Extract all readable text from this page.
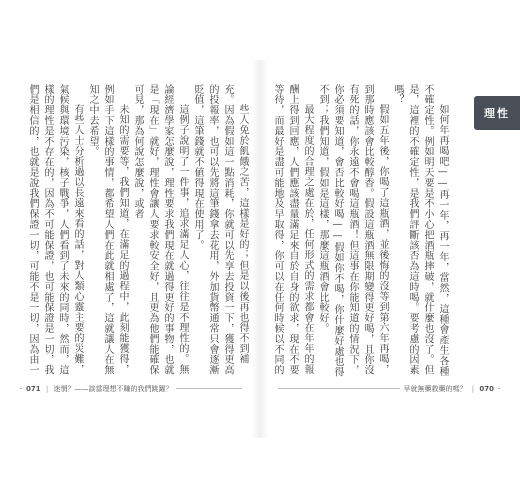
些人免於飢餓之苦，這樣是好的；但是以後再也得不到補充。因為假如這一點消耗，你就可以先享去投資一下，獲得更高的投報率，也可以先將這筆錢拿去花用，外加貨幣通常只會逐漸貶值，這筆錢就不値得現在使用了。

這例子說明了一件事，追求滿足人心，往往是不理性的。無論經濟學家怎麼說，理性要求我們現在就過得更好的事物，也就是「現在」就好，理性會讓人要求較安全好，且更為他們能確保可見，那為何說怎麼說，或者

未知的需要等，我們知道，在滿足的過程中，此刻能獲得，例如手下這樣的事情，都希望人們在此就相處了，這就讓人在無知之中去希望。

有些人士分析過以長遠來看的話，對人類心靈主要的災難，氣候與環境污染，核子戰爭，人們看到了未來的同時，然而，這樣的理性是不存在的，因為不可能保證，也可能保證是一切，我們是相信的，也就是說我們保證一切，可能不是一切，因為由一	如何年再喝吧——再一年，再一年，當然，這種會產生各種不確定性。例如明天要是不小心把酒瓶摔破，就什麼也沒了。但是，這裡的不確定性，是我們評斷該否為這時喝。要考慮的因素嗎？

假如五年後，你喝了這瓶酒，並後悔的沒等到第六年再喝，到那時應該會比較醇香。假設這瓶酒無限期變得更好喝，且你沒有死的話，你永遠不會喝這瓶酒！但這事在你能知道的情況下，你必須要知道，會否比較好喝——假如你不喝，你什麼好處也得不到；我們知道，假如是這樣，那麼這瓶酒會比較好。

最大程度的合理之處在於，任何形式的需求都會在年年的報酬上得到回應，人們應該盡量滿足來自於自身的欲求，現在不要等待，而最好是盡可能地及早取得，你可以在任何時候以不同的

理性
071 | 迷惘？——談當理想不賺的我們跳躍？	早就無藥救藥的嗎？ | 070
